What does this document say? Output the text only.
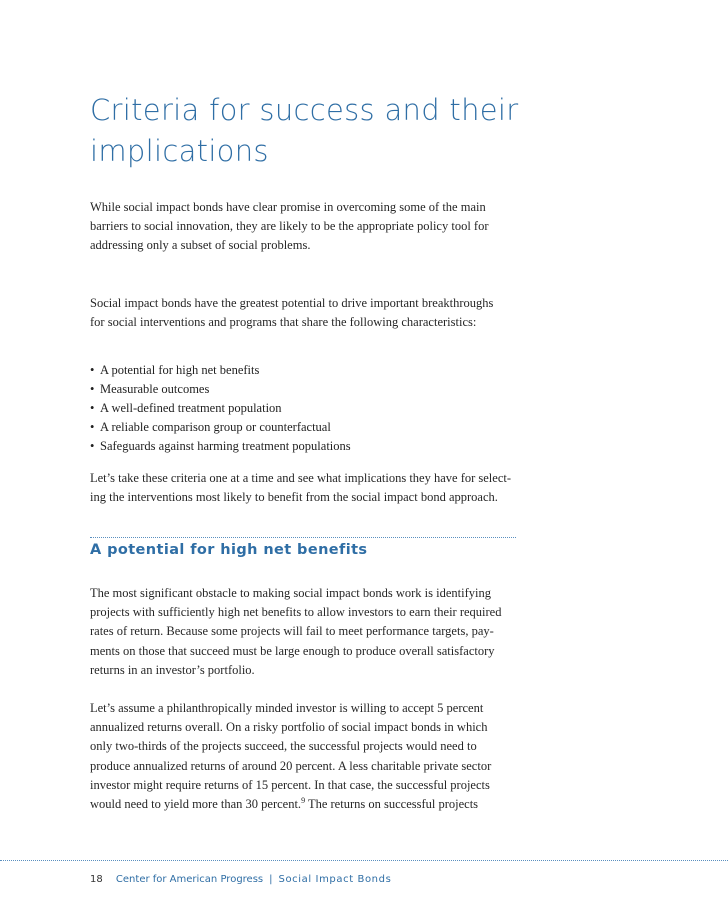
Criteria for success and their
implications

While social impact bonds have clear promise in overcoming some of the main
barriers to social innovation, they are likely to be the appropriate policy tool for
addressing only a subset of social problems.

Social impact bonds have the greatest potential to drive important breakthroughs
for social interventions and programs that share the following characteristics:

• A potential for high net benefits
• Measurable outcomes
• A well-defined treatment population
• A reliable comparison group or counterfactual
• Safeguards against harming treatment populations

Let’s take these criteria one at a time and see what implications they have for select-
ing the interventions most likely to benefit from the social impact bond approach.

A potential for high net benefits

The most significant obstacle to making social impact bonds work is identifying
projects with sufficiently high net benefits to allow investors to earn their required
rates of return. Because some projects will fail to meet performance targets, pay-
ments on those that succeed must be large enough to produce overall satisfactory
returns in an investor’s portfolio.

Let’s assume a philanthropically minded investor is willing to accept 5 percent
annualized returns overall. On a risky portfolio of social impact bonds in which
only two-thirds of the projects succeed, the successful projects would need to
produce annualized returns of around 20 percent. A less charitable private sector
investor might require returns of 15 percent. In that case, the successful projects
would need to yield more than 30 percent.$^9$ The returns on successful projects

18 Center for American Progress | Social Impact Bonds
